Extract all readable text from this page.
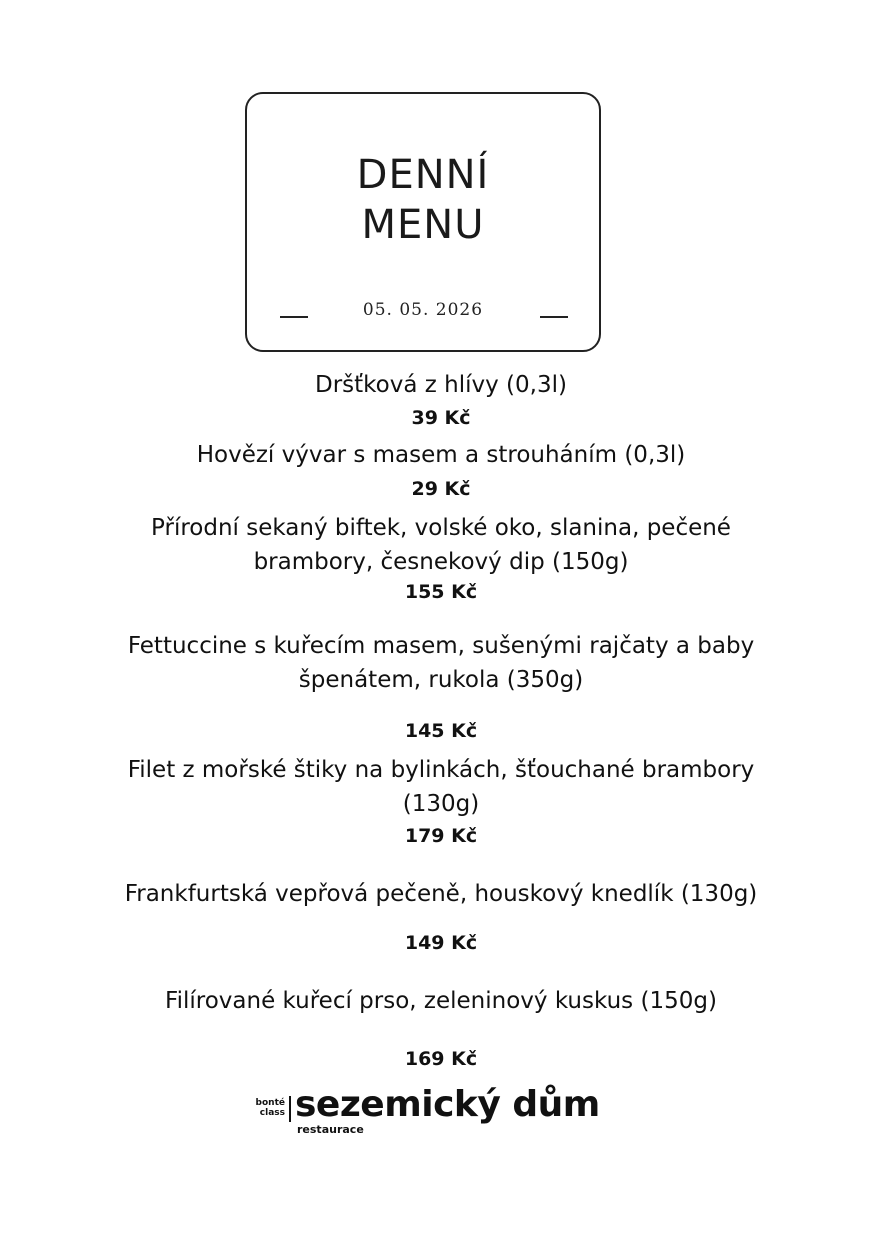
DENNÍ
MENU
05. 05. 2026
Dršťková z hlívy (0,3l)
39 Kč
Hovězí vývar s masem a strouháním (0,3l)
29 Kč
Přírodní sekaný biftek, volské oko, slanina, pečené
brambory, česnekový dip (150g)
155 Kč
Fettuccine s kuřecím masem, sušenými rajčaty a baby
špenátem, rukola (350g)
145 Kč
Filet z mořské štiky na bylinkách, šťouchané brambory
(130g)
179 Kč
Frankfurtská vepřová pečeně, houskový knedlík (130g)
149 Kč
Filírované kuřecí prso, zeleninový kuskus (150g)
169 Kč
bonté
class sezemický dům
restaurace
